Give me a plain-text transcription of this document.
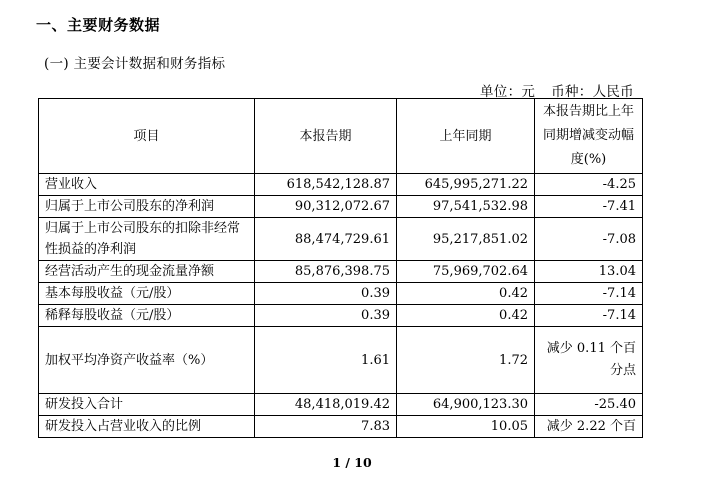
一、主要财务数据
(一) 主要会计数据和财务指标
单位：元 币种：人民币
项目	本报告期	上年同期	本报告期比上年同期增减变动幅度(%)
营业收入	618,542,128.87	645,995,271.22	-4.25
归属于上市公司股东的净利润	90,312,072.67	97,541,532.98	-7.41
归属于上市公司股东的扣除非经常性损益的净利润	88,474,729.61	95,217,851.02	-7.08
经营活动产生的现金流量净额	85,876,398.75	75,969,702.64	13.04
基本每股收益（元/股）	0.39	0.42	-7.14
稀释每股收益（元/股）	0.39	0.42	-7.14
加权平均净资产收益率（%）	1.61	1.72	减少 0.11 个百分点
研发投入合计	48,418,019.42	64,900,123.30	-25.40
研发投入占营业收入的比例	7.83	10.05	减少 2.22 个百
1 / 10
